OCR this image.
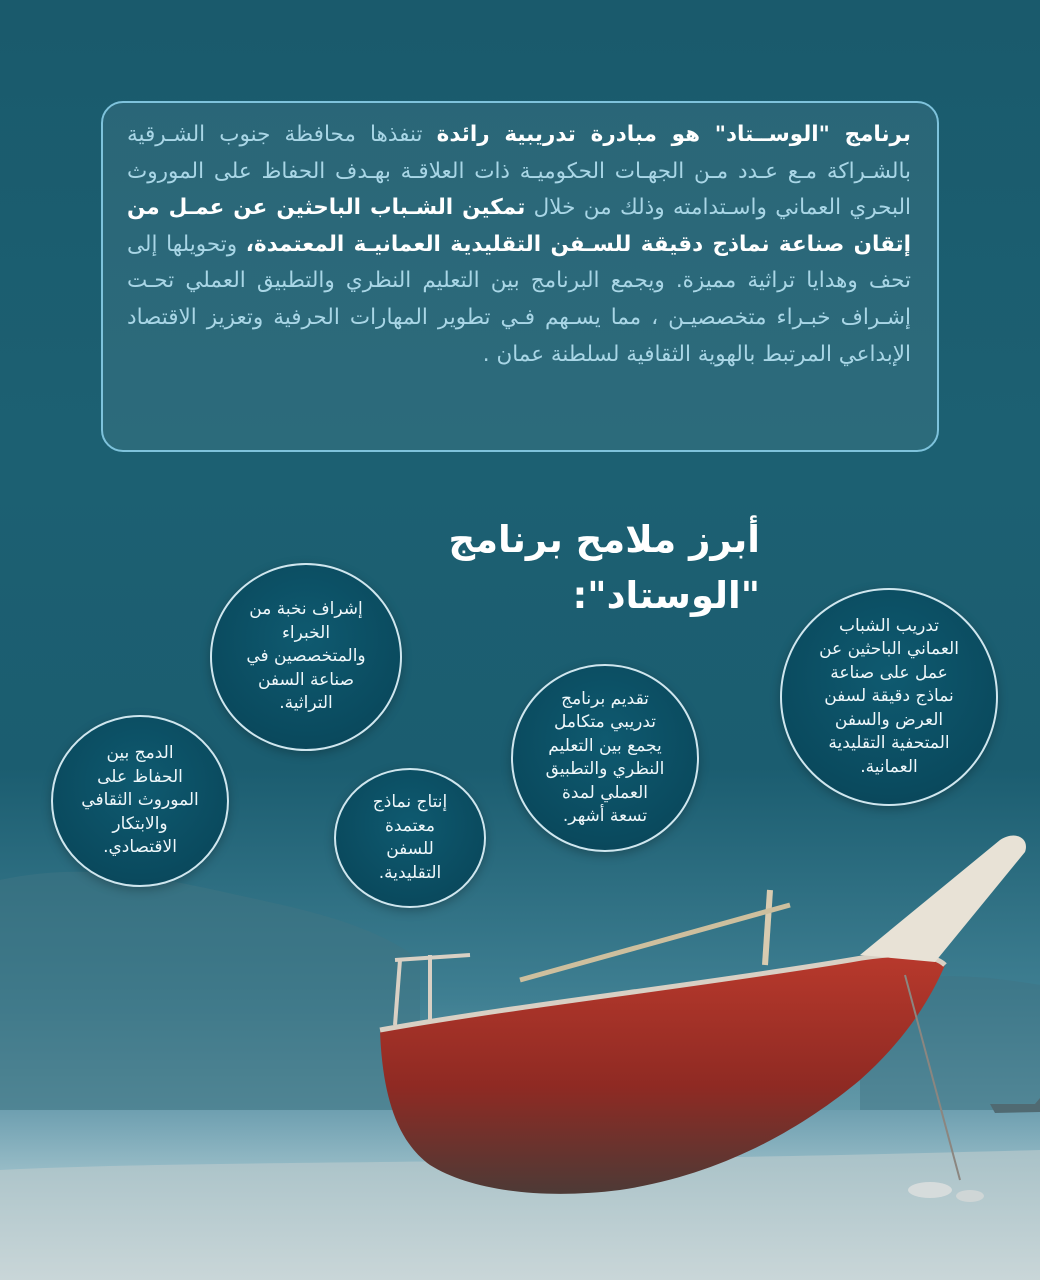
برنامج "الوســتاد" هو مبادرة تدريبية رائدة تنفذها محافظة جنوب الشـرقية بالشـراكة مـع عـدد مـن الجهـات الحكوميـة ذات العلاقـة بهـدف الحفاظ على الموروث البحري العماني واسـتدامته وذلك من خلال تمكين الشـباب الباحثين عن عمـل من إتقان صناعة نماذج دقيقة للسـفن التقليدية العمانيـة المعتمدة، وتحويلها إلى تحف وهدايا تراثية مميزة. ويجمع البرنامج بين التعليم النظري والتطبيق العملي تحـت إشـراف خبـراء متخصصيـن ، مما يسـهم فـي تطوير المهارات الحرفية وتعزيز الاقتصاد الإبداعي المرتبط بالهوية الثقافية لسلطنة عمان .
أبرز ملامح برنامج "الوستاد":
تدريب الشباب
العماني الباحثين عن
عمل على صناعة
نماذج دقيقة لسفن
العرض والسفن
المتحفية التقليدية
العمانية.
تقديم برنامج
تدريبي متكامل
يجمع بين التعليم
النظري والتطبيق
العملي لمدة
تسعة أشهر.
إشراف نخبة من
الخبراء
والمتخصصين في
صناعة السفن
التراثية.
إنتاج نماذج
معتمدة
للسفن
التقليدية.
الدمج بين
الحفاظ على
الموروث الثقافي
والابتكار
الاقتصادي.
